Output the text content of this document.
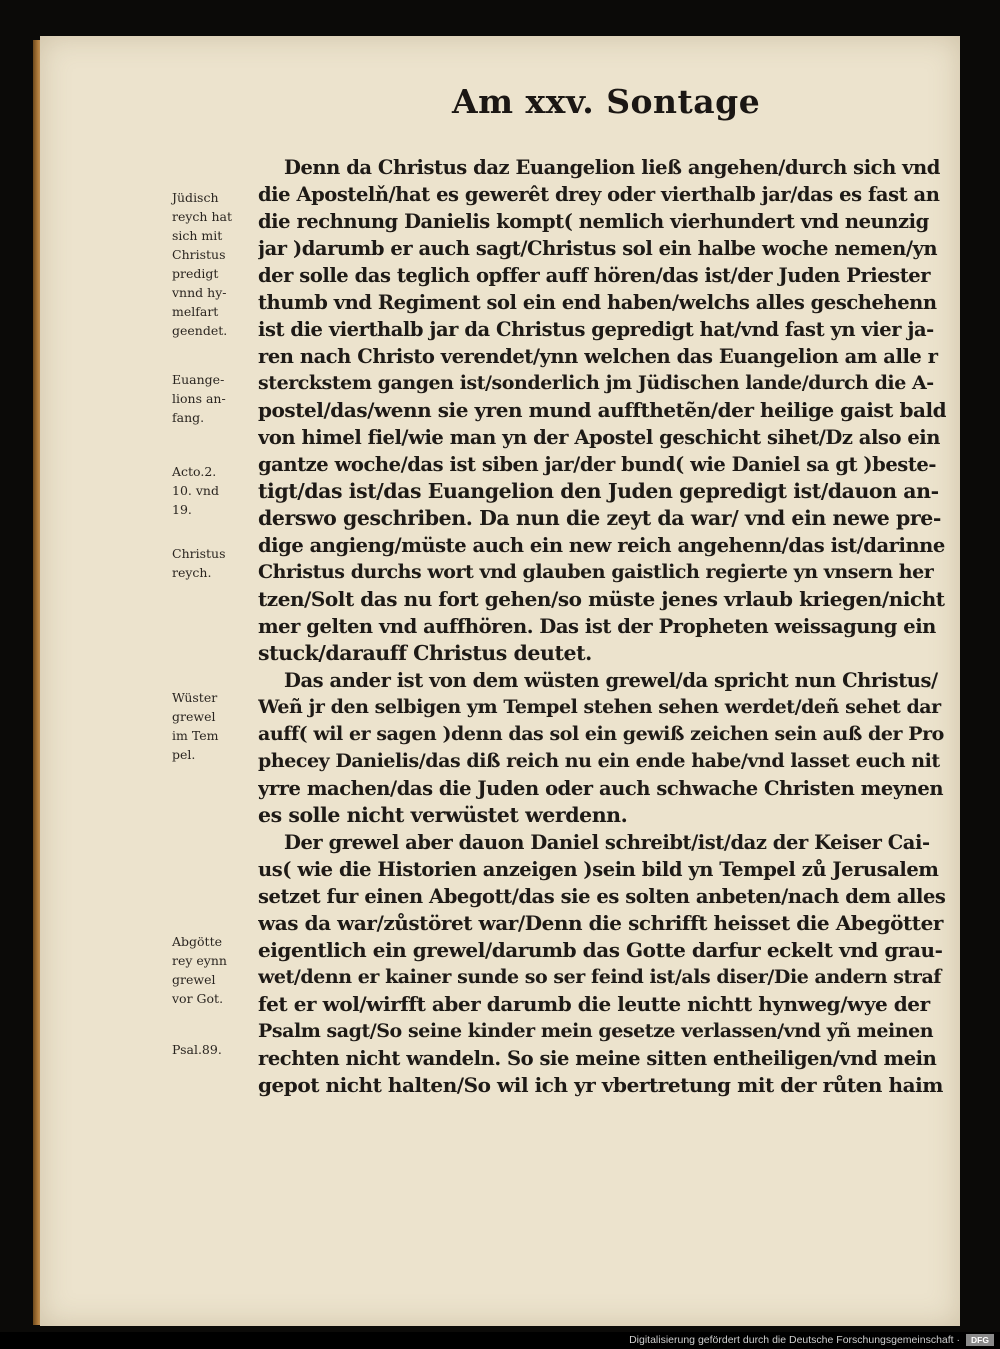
Am xxv. Sontage
Denn da Christus daz Euangelion ließ angehen/durch sich vnd
die Apostelň/hat es gewerêt drey oder vierthalb jar/das es fast an
die rechnung Danielis kompt( nemlich vierhundert vnd neunzig
jar )darumb er auch sagt/Christus sol ein halbe woche nemen/yn
der solle das teglich opffer auff hören/das ist/der Juden Priester
thumb vnd Regiment sol ein end haben/welchs alles geschehenn
ist die vierthalb jar da Christus gepredigt hat/vnd fast yn vier ja-
ren nach Christo verendet/ynn welchen das Euangelion am alle r
sterckstem gangen ist/sonderlich jm Jüdischen lande/durch die A-
postel/das/wenn sie yren mund auffthetẽn/der heilige gaist bald
von himel fiel/wie man yn der Apostel geschicht sihet/Dz also ein
gantze woche/das ist siben jar/der bund( wie Daniel sa gt )beste-
tigt/das ist/das Euangelion den Juden gepredigt ist/dauon an-
derswo geschriben. Da nun die zeyt da war/ vnd ein newe pre-
dige angieng/müste auch ein new reich angehenn/das ist/darinne
Christus durchs wort vnd glauben gaistlich regierte yn vnsern her
tzen/Solt das nu fort gehen/so müste jenes vrlaub kriegen/nicht
mer gelten vnd auffhören. Das ist der Propheten weissagung ein
stuck/darauff Christus deutet.
Das ander ist von dem wüsten grewel/da spricht nun Christus/
Weñ jr den selbigen ym Tempel stehen sehen werdet/deñ sehet dar
auff( wil er sagen )denn das sol ein gewiß zeichen sein auß der Pro
phecey Danielis/das diß reich nu ein ende habe/vnd lasset euch nit
yrre machen/das die Juden oder auch schwache Christen meynen
es solle nicht verwüstet werdenn.
Der grewel aber dauon Daniel schreibt/ist/daz der Keiser Cai-
us( wie die Historien anzeigen )sein bild yn Tempel zů Jerusalem
setzet fur einen Abegott/das sie es solten anbeten/nach dem alles
was da war/zůstöret war/Denn die schrifft heisset die Abegötter
eigentlich ein grewel/darumb das Gotte darfur eckelt vnd grau-
wet/denn er kainer sunde so ser feind ist/als diser/Die andern straf
fet er wol/wirfft aber darumb die leutte nichtt hynweg/wye der
Psalm sagt/So seine kinder mein gesetze verlassen/vnd yñ meinen
rechten nicht wandeln. So sie meine sitten entheiligen/vnd mein
gepot nicht halten/So wil ich yr vbertretung mit der růten haim
Jüdisch
reych hat
sich mit
Christus
predigt
vnnd hy-
melfart
geendet.
Euange-
lions an-
fang.
Acto.2.
10. vnd
19.
Christus
reych.
Wüster
grewel
im Tem
pel.
Abgötte
rey eynn
grewel
vor Got.
Psal.89.
Digitalisierung gefördert durch die Deutsche Forschungsgemeinschaft ·	DFG
